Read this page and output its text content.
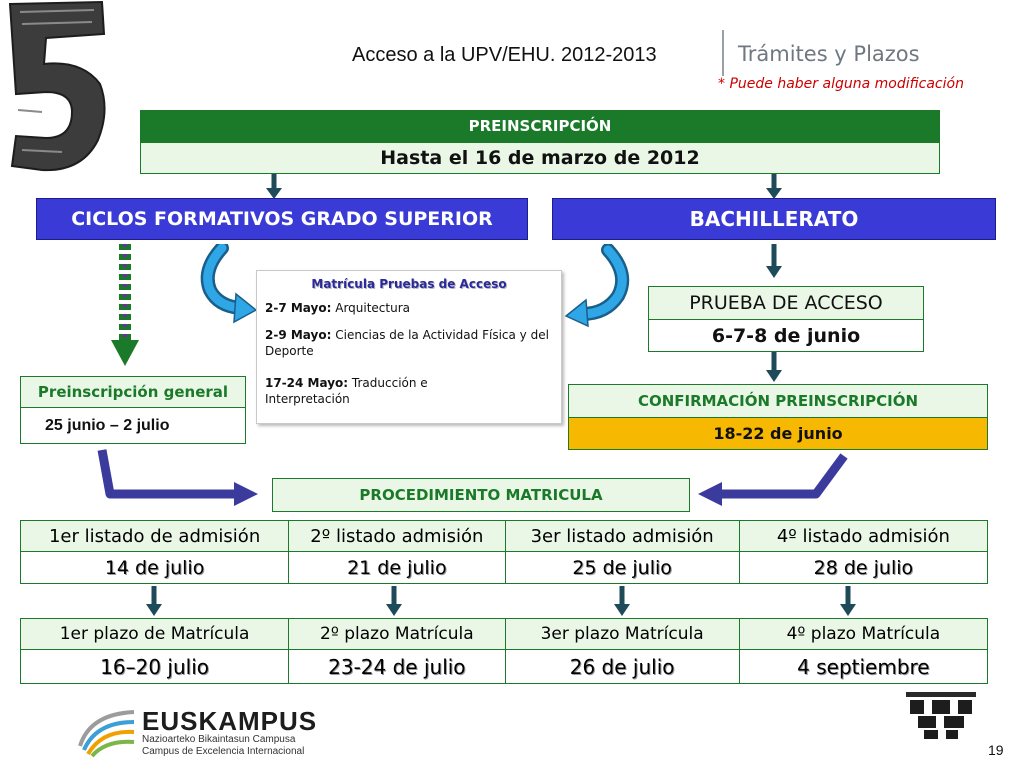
Acceso a la UPV/EHU. 2012-2013	Trámites y Plazos
* Puede haber alguna modificación
PREINSCRIPCIÓN
Hasta el 16 de marzo de 2012
CICLOS FORMATIVOS GRADO SUPERIOR	BACHILLERATO
Matrícula Pruebas de Acceso
2-7 Mayo: Arquitectura
2-9 Mayo: Ciencias de la Actividad Física y del Deporte
17-24 Mayo: Traducción e Interpretación
PRUEBA DE ACCESO
6-7-8 de junio
Preinscripción general
25 junio – 2 julio
CONFIRMACIÓN PREINSCRIPCIÓN
18-22 de junio
PROCEDIMIENTO MATRICULA
1er listado de admisión	2º listado admisión	3er listado admisión	4º listado admisión
14 de julio	21 de julio	25 de julio	28 de julio
1er plazo de Matrícula	2º plazo Matrícula	3er plazo Matrícula	4º plazo Matrícula
16–20 julio	23-24 de julio	26 de julio	4 septiembre
EUSKAMPUS
Nazioarteko Bikaintasun Campusa
Campus de Excelencia Internacional	19
